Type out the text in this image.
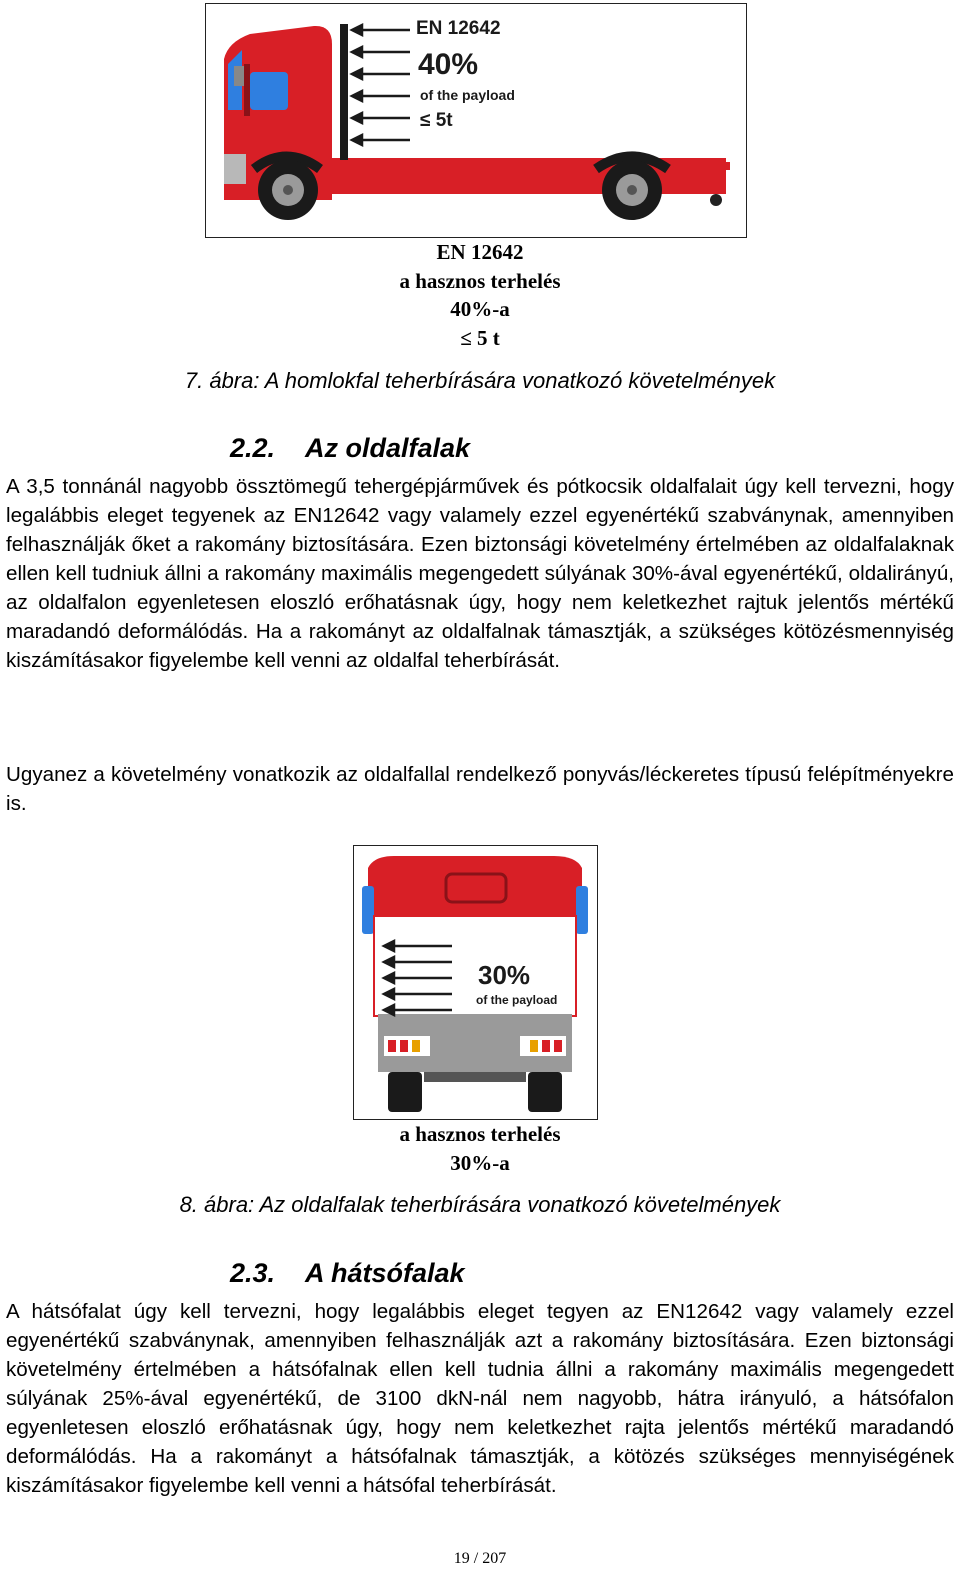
EN 12642
40%
of the payload
≤ 5t
EN 12642
a hasznos terhelés
40%-a
≤ 5 t
7. ábra: A homlokfal teherbírására vonatkozó követelmények
2.2. Az oldalfalak
A 3,5 tonnánál nagyobb össztömegű tehergépjárművek és pótkocsik oldalfalait úgy kell tervezni, hogy legalábbis eleget tegyenek az EN12642 vagy valamely ezzel egyenértékű szabványnak, amennyiben felhasználják őket a rakomány biztosítására. Ezen biztonsági követelmény értelmében az oldalfalaknak ellen kell tudniuk állni a rakomány maximális megengedett súlyának 30%-ával egyenértékű, oldalirányú, az oldalfalon egyenletesen eloszló erőhatásnak úgy, hogy nem keletkezhet rajtuk jelentős mértékű maradandó deformálódás. Ha a rakományt az oldalfalnak támasztják, a szükséges kötözésmennyiség kiszámításakor figyelembe kell venni az oldalfal teherbírását.
Ugyanez a követelmény vonatkozik az oldalfallal rendelkező ponyvás/léckeretes típusú felépítményekre is.
30%
of the payload
a hasznos terhelés
30%-a
8. ábra: Az oldalfalak teherbírására vonatkozó követelmények
2.3. A hátsófalak
A hátsófalat úgy kell tervezni, hogy legalábbis eleget tegyen az EN12642 vagy valamely ezzel egyenértékű szabványnak, amennyiben felhasználják azt a rakomány biztosítására. Ezen biztonsági követelmény értelmében a hátsófalnak ellen kell tudnia állni a rakomány maximális megengedett súlyának 25%-ával egyenértékű, de 3100 dkN-nál nem nagyobb, hátra irányuló, a hátsófalon egyenletesen eloszló erőhatásnak úgy, hogy nem keletkezhet rajta jelentős mértékű maradandó deformálódás. Ha a rakományt a hátsófalnak támasztják, a kötözés szükséges mennyiségének kiszámításakor figyelembe kell venni a hátsófal teherbírását.
19 / 207
